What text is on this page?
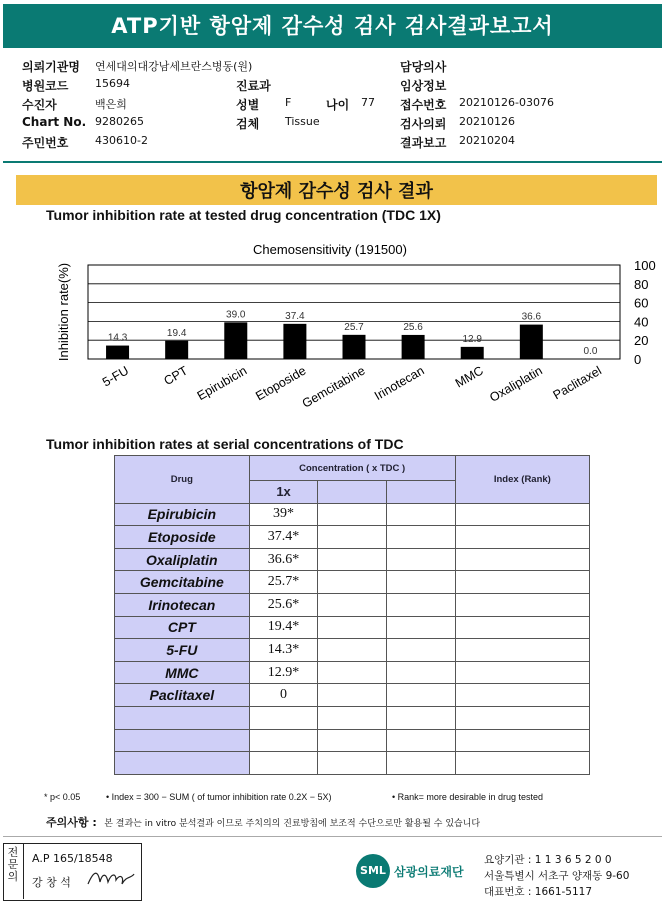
ATP기반 항암제 감수성 검사 검사결과보고서
의뢰기관명 연세대의대강남세브란스병동(원)
병원코드 15694
수진자	백은희
Chart No. 9280265
주민번호 430610-2
진료과
성별 F	나이 77
검체 Tissue
담당의사
임상정보
접수번호 20210126-03076
검사의뢰 20210126
결과보고 20210204
항암제 감수성 검사 결과
Tumor inhibition rate at tested drug concentration (TDC 1X)
Chemosensitivity (191500)
14.3	19.4
39.0	37.4
25.7	25.6
12.9
36.6
0.0
0
20
40
60
80
100
5-FU CPT Epirubicin Etoposide
Gemcitabine Irinotecan MMC Oxaliplatin Paclitaxel
Inhibition rate(%)
Tumor inhibition rates at serial concentrations of TDC
Drug	Concentration ( x TDC )			Index (Rank)
	1x			
Epirubicin	39*			
Etoposide	37.4*			
Oxaliplatin	36.6*			
Gemcitabine	25.7*			
Irinotecan	25.6*			
CPT	19.4*			
5-FU	14.3*			
MMC	12.9*			
Paclitaxel	0			

* p< 0.05	• Index = 300 − SUM ( of tumor inhibition rate 0.2X − 5X)	• Rank= more desirable in drug tested
주의사항 : 본 결과는 in vitro 분석결과 이므로 주치의의 진료방침에 보조적 수단으로만 활용될 수 있습니다
전문의
A.P 165/18548
강 창 석
SML 삼광의료재단
요양기관 : 1 1 3 6 5 2 0 0
서울특별시 서초구 양재동 9-60
대표번호 : 1661-5117
